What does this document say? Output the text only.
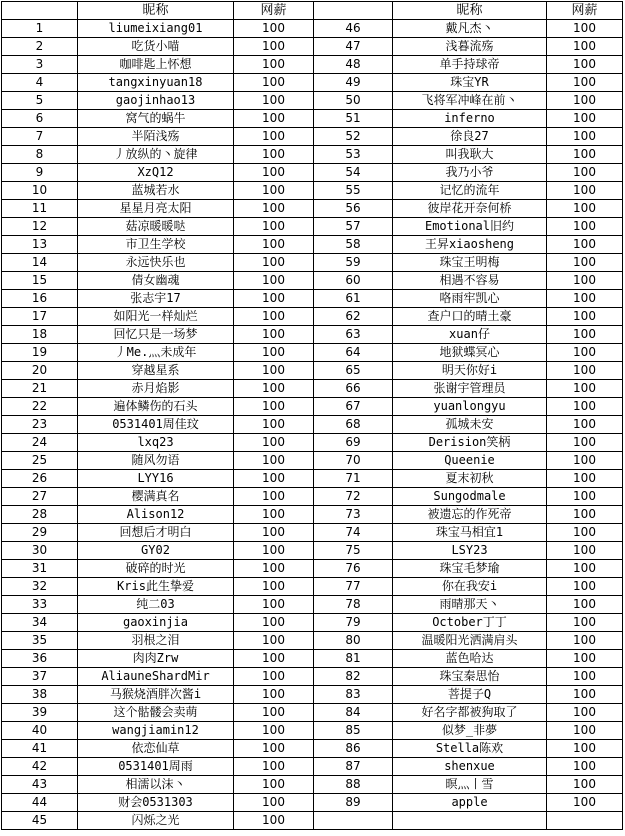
	昵称	网薪		昵称	网薪
1	liumeixiang01	100	46	戴凡杰丶	100
2	吃货小喵	100	47	浅暮流殇	100
3	咖啡匙上怀想	100	48	单手持球帝	100
4	tangxinyuan18	100	49	珠宝YR	100
5	gaojinhao13	100	50	飞将军冲峰在前丶	100
6	窝气的蜗牛	100	51	inferno	100
7	半陌浅殇	100	52	徐良27	100
8	丿放纵的丶旋律	100	53	叫我耿大	100
9	XzQ12	100	54	我乃小爷	100
10	蓝城若水	100	55	记忆的流年	100
11	星星月亮太阳	100	56	彼岸花开奈何桥	100
12	菇凉暖暖哒	100	57	Emotional旧约	100
13	市卫生学校	100	58	王昇xiaosheng	100
14	永远快乐也	100	59	珠宝王明梅	100
15	倩女幽魂	100	60	相遇不容易	100
16	张志宇17	100	61	咯雨牢凯心	100
17	如阳光一样灿烂	100	62	查户口的晴土豪	100
18	回忆只是一场梦	100	63	xuan仔	100
19	丿Me.灬未成年	100	64	地狱蝶冥心	100
20	穿越星系	100	65	明天你好i	100
21	赤月焰影	100	66	张谢宇管理员	100
22	遍体鳞伤的石头	100	67	yuanlongyu	100
23	0531401周佳玟	100	68	孤城未安	100
24	lxq23	100	69	Derision笑柄	100
25	随风勿语	100	70	Queenie	100
26	LYY16	100	71	夏末初秋	100
27	樱满真名	100	72	Sungodmale	100
28	Alison12	100	73	被遗忘的作死帝	100
29	回想后才明白	100	74	珠宝马相宜1	100
30	GY02	100	75	LSY23	100
31	破碎的时光	100	76	珠宝毛梦瑜	100
32	Kris此生挚爱	100	77	你在我安i	100
33	纯二03	100	78	雨晴那天丶	100
34	gaoxinjia	100	79	October丁丁	100
35	羽根之泪	100	80	温暖阳光洒满肩头	100
36	肉肉Zrw	100	81	蓝色哈达	100
37	AliauneShardMir	100	82	珠宝秦思怡	100
38	马猴烧酒胖次酱i	100	83	菩提子Q	100
39	这个骷髅会卖萌	100	84	好名字都被狗取了	100
40	wangjiamin12	100	85	似梦_非夢	100
41	依恋仙草	100	86	Stella陈欢	100
42	0531401周雨	100	87	shenxue	100
43	相濡以沫丶	100	88	暝灬丨雪	100
44	财会0531303	100	89	apple	100
45	闪烁之光	100			
